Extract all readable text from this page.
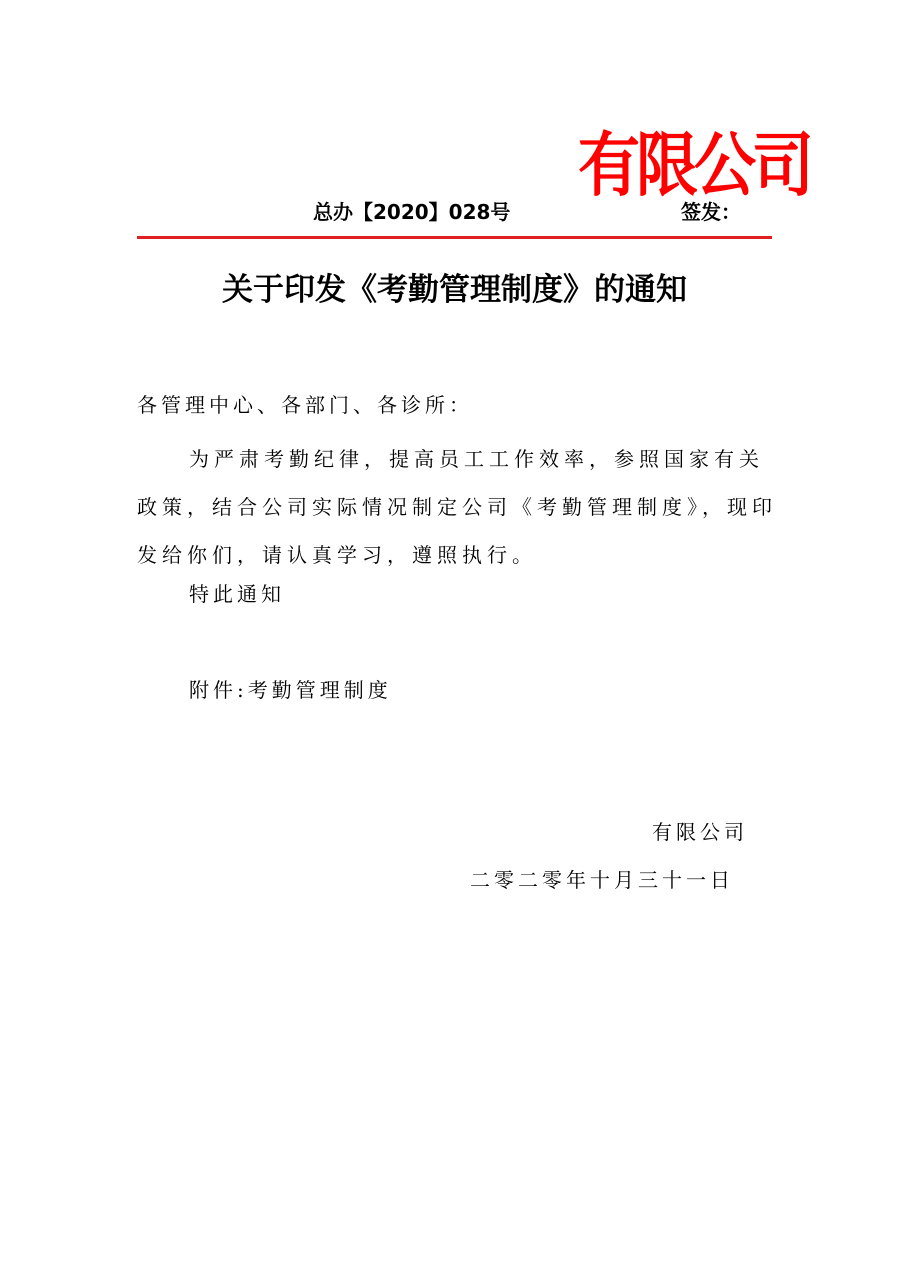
有限公司
总办【2020】028号	签发：
关于印发《考勤管理制度》的通知
各管理中心、各部门、各诊所：
为严肃考勤纪律，提高员工工作效率，参照国家有关政策，结合公司实际情况制定公司《考勤管理制度》，现印发给你们，请认真学习，遵照执行。
特此通知
附件:考勤管理制度
有限公司
二零二零年十月三十一日
